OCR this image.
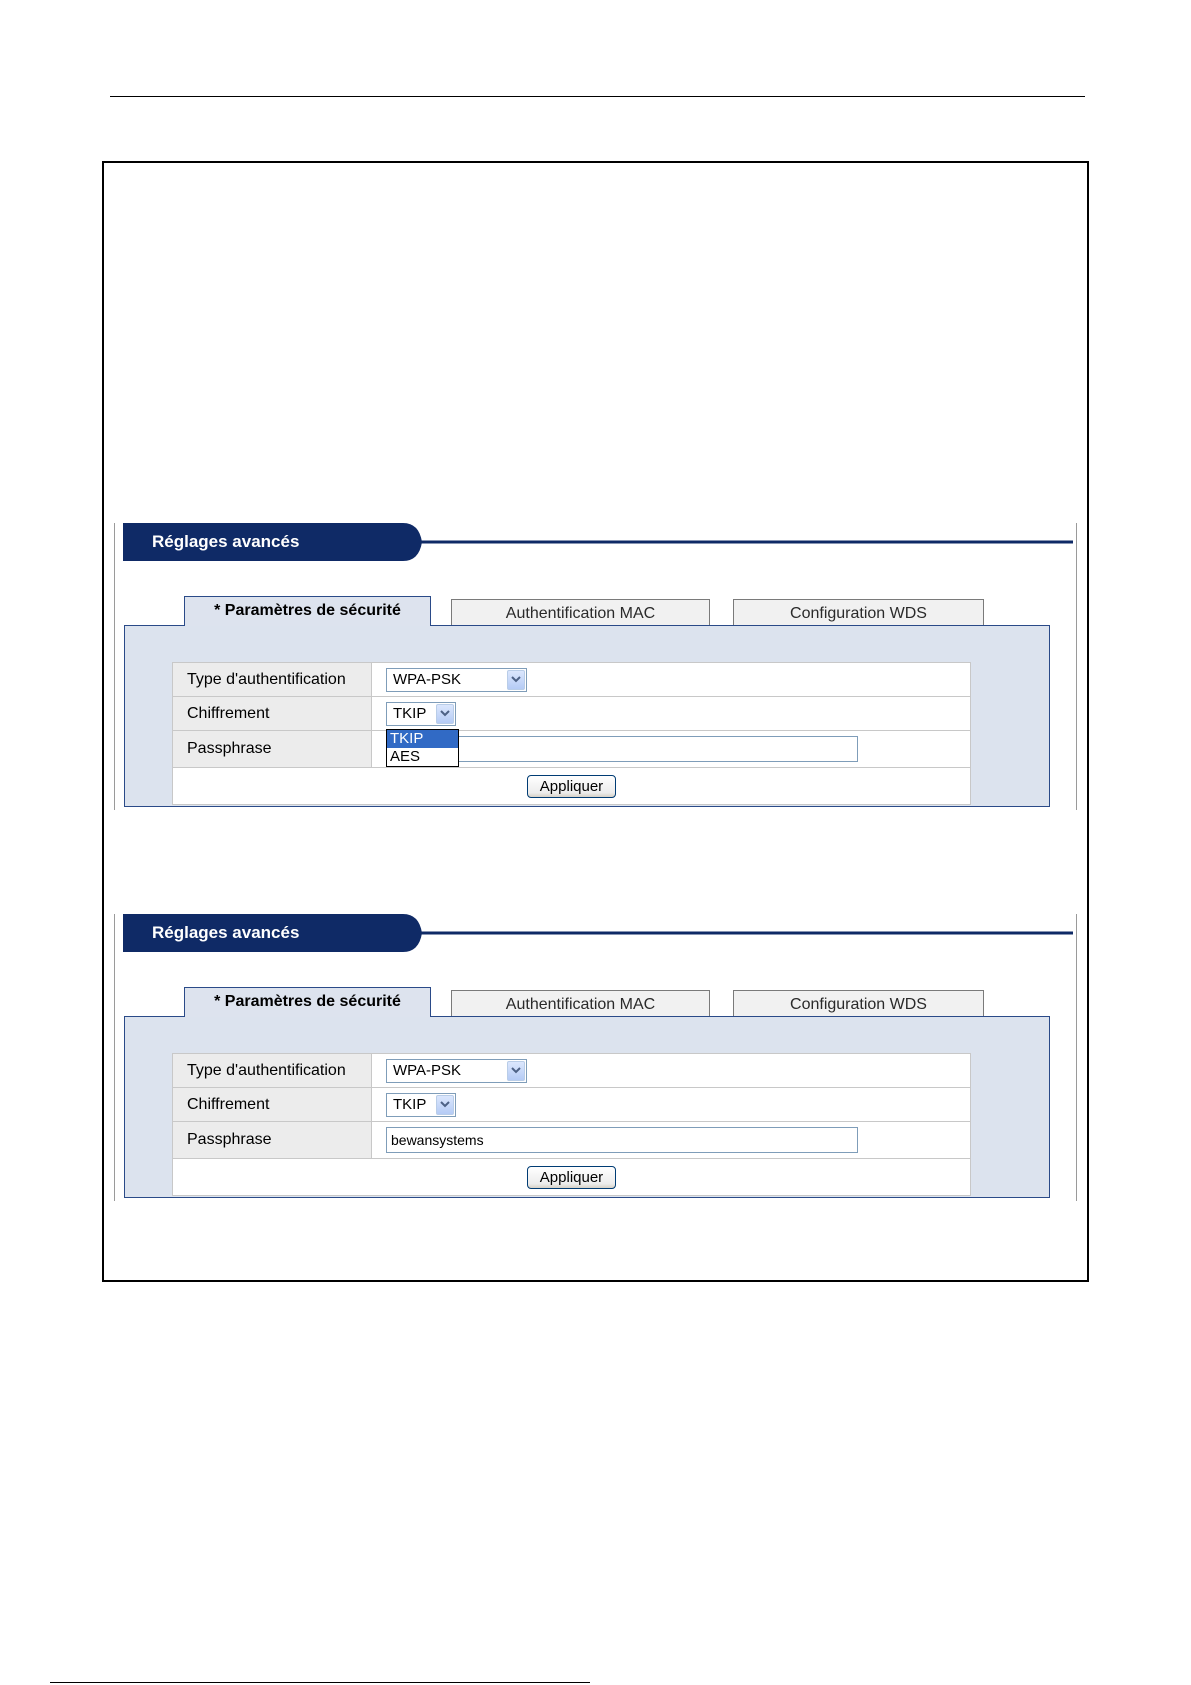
Réglages avancés
* Paramètres de sécurité	Authentification MAC	Configuration WDS
Type d'authentification	WPA-PSK

Chiffrement	TKIP
TKIP
AES

Passphrase	
Appliquer	
Réglages avancés
* Paramètres de sécurité	Authentification MAC	Configuration WDS
Type d'authentification	WPA-PSK

Chiffrement	TKIP

Passphrase	bewansystems
Appliquer	
